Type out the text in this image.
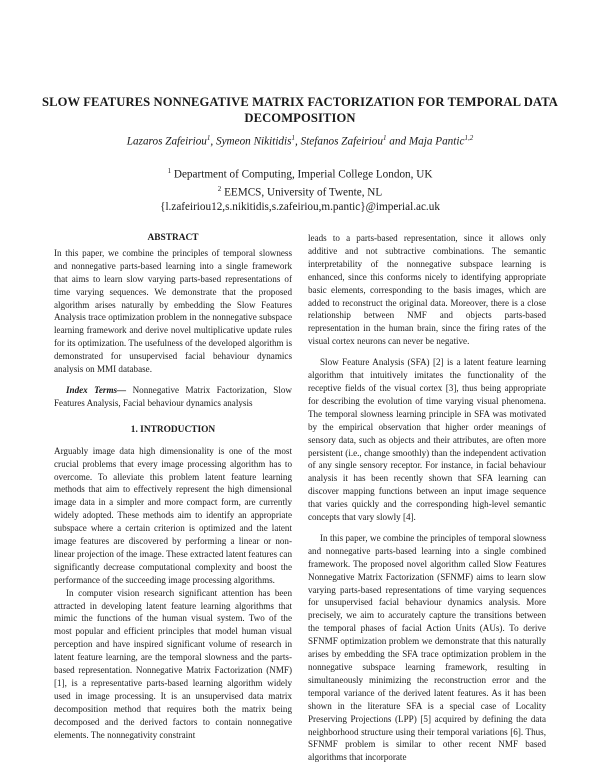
SLOW FEATURES NONNEGATIVE MATRIX FACTORIZATION FOR TEMPORAL DATA DECOMPOSITION
Lazaros Zafeiriou$^1$, Symeon Nikitidis$^1$, Stefanos Zafeiriou$^1$ and Maja Pantic$^{1,2}$
$^1$ Department of Computing, Imperial College London, UK
$^2$ EEMCS, University of Twente, NL
{l.zafeiriou12,s.nikitidis,s.zafeiriou,m.pantic}@imperial.ac.uk

ABSTRACT

In this paper, we combine the principles of temporal slowness and nonnegative parts-based learning into a single framework that aims to learn slow varying parts-based representations of time varying sequences. We demonstrate that the proposed algorithm arises naturally by embedding the Slow Features Analysis trace optimization problem in the nonnegative subspace learning framework and derive novel multiplicative update rules for its optimization. The usefulness of the developed algorithm is demonstrated for unsupervised facial behaviour dynamics analysis on MMI database.

Index Terms— Nonnegative Matrix Factorization, Slow Features Analysis, Facial behaviour dynamics analysis

1. INTRODUCTION

Arguably image data high dimensionality is one of the most crucial problems that every image processing algorithm has to overcome. To alleviate this problem latent feature learning methods that aim to effectively represent the high dimensional image data in a simpler and more compact form, are currently widely adopted. These methods aim to identify an appropriate subspace where a certain criterion is optimized and the latent image features are discovered by performing a linear or non-linear projection of the image. These extracted latent features can significantly decrease computational complexity and boost the performance of the succeeding image processing algorithms.

In computer vision research significant attention has been attracted in developing latent feature learning algorithms that mimic the functions of the human visual system. Two of the most popular and efficient principles that model human visual perception and have inspired significant volume of research in latent feature learning, are the temporal slowness and the parts-based representation. Nonnegative Matrix Factorization (NMF) [1], is a representative parts-based learning algorithm widely used in image processing. It is an unsupervised data matrix decomposition method that requires both the matrix being decomposed and the derived factors to contain nonnegative elements. The nonnegativity constraint

leads to a parts-based representation, since it allows only additive and not subtractive combinations. The semantic interpretability of the nonnegative subspace learning is enhanced, since this conforms nicely to identifying appropriate basic elements, corresponding to the basis images, which are added to reconstruct the original data. Moreover, there is a close relationship between NMF and objects parts-based representation in the human brain, since the firing rates of the visual cortex neurons can never be negative.

Slow Feature Analysis (SFA) [2] is a latent feature learning algorithm that intuitively imitates the functionality of the receptive fields of the visual cortex [3], thus being appropriate for describing the evolution of time varying visual phenomena. The temporal slowness learning principle in SFA was motivated by the empirical observation that higher order meanings of sensory data, such as objects and their attributes, are often more persistent (i.e., change smoothly) than the independent activation of any single sensory receptor. For instance, in facial behaviour analysis it has been recently shown that SFA learning can discover mapping functions between an input image sequence that varies quickly and the corresponding high-level semantic concepts that vary slowly [4].

In this paper, we combine the principles of temporal slowness and nonnegative parts-based learning into a single combined framework. The proposed novel algorithm called Slow Features Nonnegative Matrix Factorization (SFNMF) aims to learn slow varying parts-based representations of time varying sequences for unsupervised facial behaviour dynamics analysis. More precisely, we aim to accurately capture the transitions between the temporal phases of facial Action Units (AUs). To derive SFNMF optimization problem we demonstrate that this naturally arises by embedding the SFA trace optimization problem in the nonnegative subspace learning framework, resulting in simultaneously minimizing the reconstruction error and the temporal variance of the derived latent features. As it has been shown in the literature SFA is a special case of Locality Preserving Projections (LPP) [5] acquired by defining the data neighborhood structure using their temporal variations [6]. Thus, SFNMF problem is similar to other recent NMF based algorithms that incorporate
